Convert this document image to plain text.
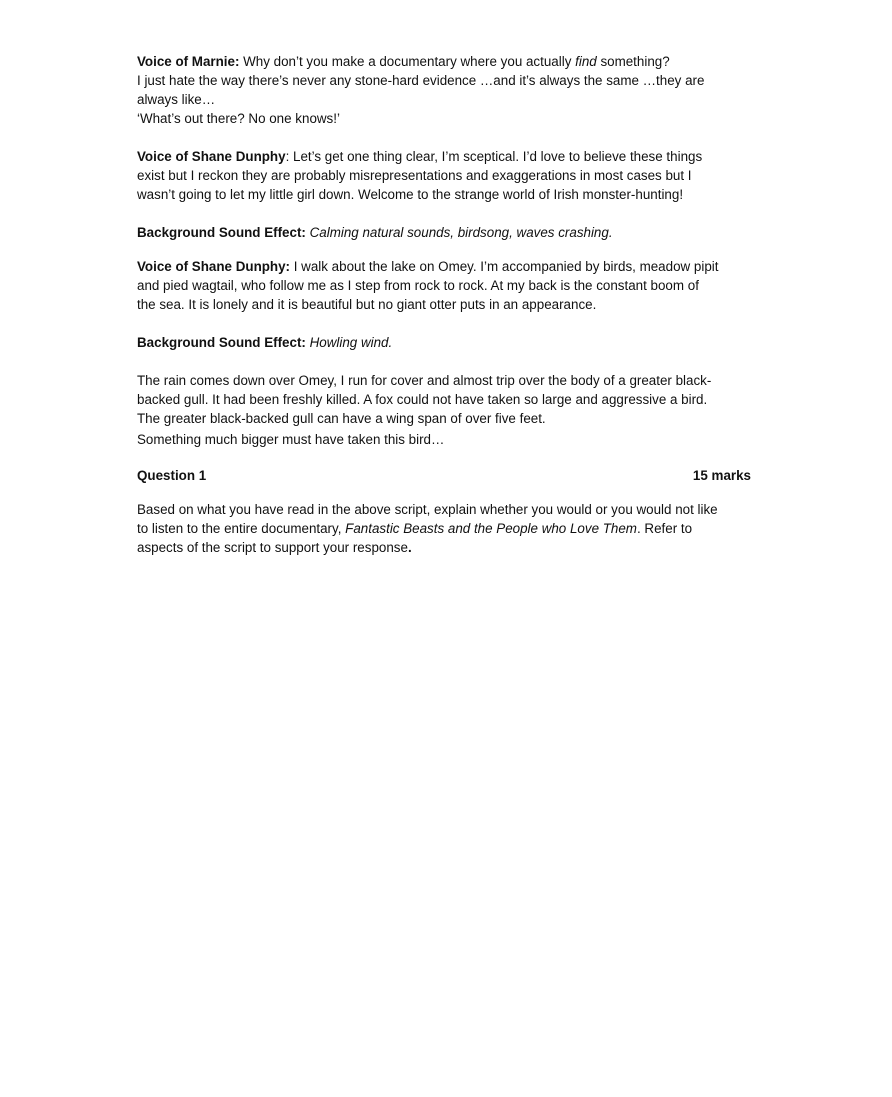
Voice of Marnie: Why don’t you make a documentary where you actually find something?
I just hate the way there’s never any stone-hard evidence …and it’s always the same …they are
always like…
‘What’s out there? No one knows!’
Voice of Shane Dunphy: Let’s get one thing clear, I’m sceptical. I’d love to believe these things
exist but I reckon they are probably misrepresentations and exaggerations in most cases but I
wasn’t going to let my little girl down. Welcome to the strange world of Irish monster-hunting!
Background Sound Effect: Calming natural sounds, birdsong, waves crashing.
Voice of Shane Dunphy: I walk about the lake on Omey. I’m accompanied by birds, meadow pipit
and pied wagtail, who follow me as I step from rock to rock. At my back is the constant boom of
the sea. It is lonely and it is beautiful but no giant otter puts in an appearance.
Background Sound Effect: Howling wind.
The rain comes down over Omey, I run for cover and almost trip over the body of a greater black-
backed gull. It had been freshly killed. A fox could not have taken so large and aggressive a bird.
The greater black-backed gull can have a wing span of over five feet.
Something much bigger must have taken this bird…
Question 1	15 marks
Based on what you have read in the above script, explain whether you would or you would not like
to listen to the entire documentary, Fantastic Beasts and the People who Love Them. Refer to
aspects of the script to support your response.
